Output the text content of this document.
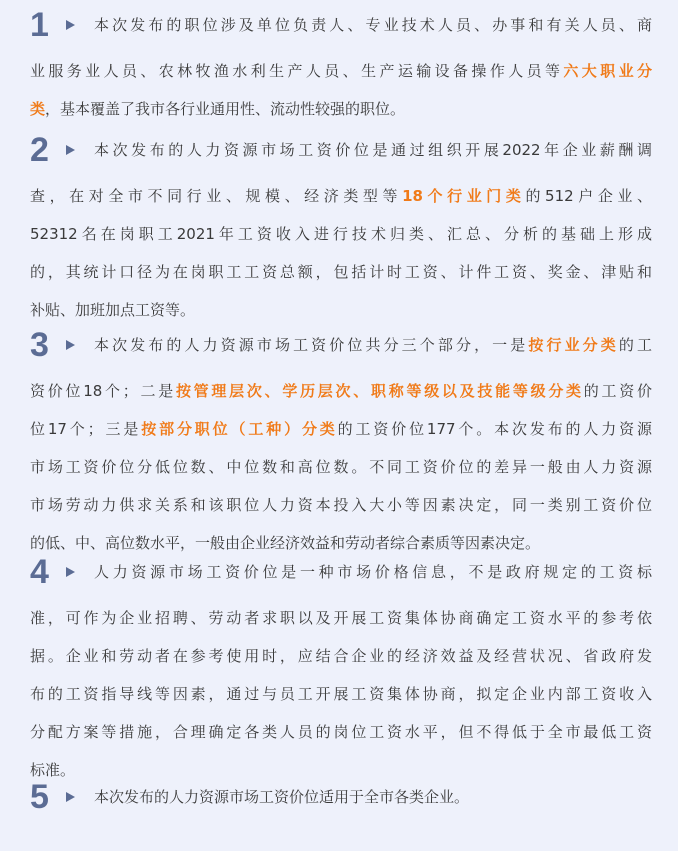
1	本次发布的职位涉及单位负责人、专业技术人员、办事和有关人员、商
业服务业人员、农林牧渔水利生产人员、生产运输设备操作人员等六大职业分
类，基本覆盖了我市各行业通用性、流动性较强的职位。
2	本次发布的人力资源市场工资价位是通过组织开展2022年企业薪酬调
查，在对全市不同行业、规模、经济类型等18个行业门类的512户企业、
52312名在岗职工2021年工资收入进行技术归类、汇总、分析的基础上形成
的，其统计口径为在岗职工工资总额，包括计时工资、计件工资、奖金、津贴和
补贴、加班加点工资等。
3	本次发布的人力资源市场工资价位共分三个部分，一是按行业分类的工
资价位18个；二是按管理层次、学历层次、职称等级以及技能等级分类的工资价
位17个；三是按部分职位（工种）分类的工资价位177个。本次发布的人力资源
市场工资价位分低位数、中位数和高位数。不同工资价位的差异一般由人力资源
市场劳动力供求关系和该职位人力资本投入大小等因素决定，同一类别工资价位
的低、中、高位数水平，一般由企业经济效益和劳动者综合素质等因素决定。
4	人力资源市场工资价位是一种市场价格信息，不是政府规定的工资标
准，可作为企业招聘、劳动者求职以及开展工资集体协商确定工资水平的参考依
据。企业和劳动者在参考使用时，应结合企业的经济效益及经营状况、省政府发
布的工资指导线等因素，通过与员工开展工资集体协商，拟定企业内部工资收入
分配方案等措施，合理确定各类人员的岗位工资水平，但不得低于全市最低工资
标准。
5	本次发布的人力资源市场工资价位适用于全市各类企业。
